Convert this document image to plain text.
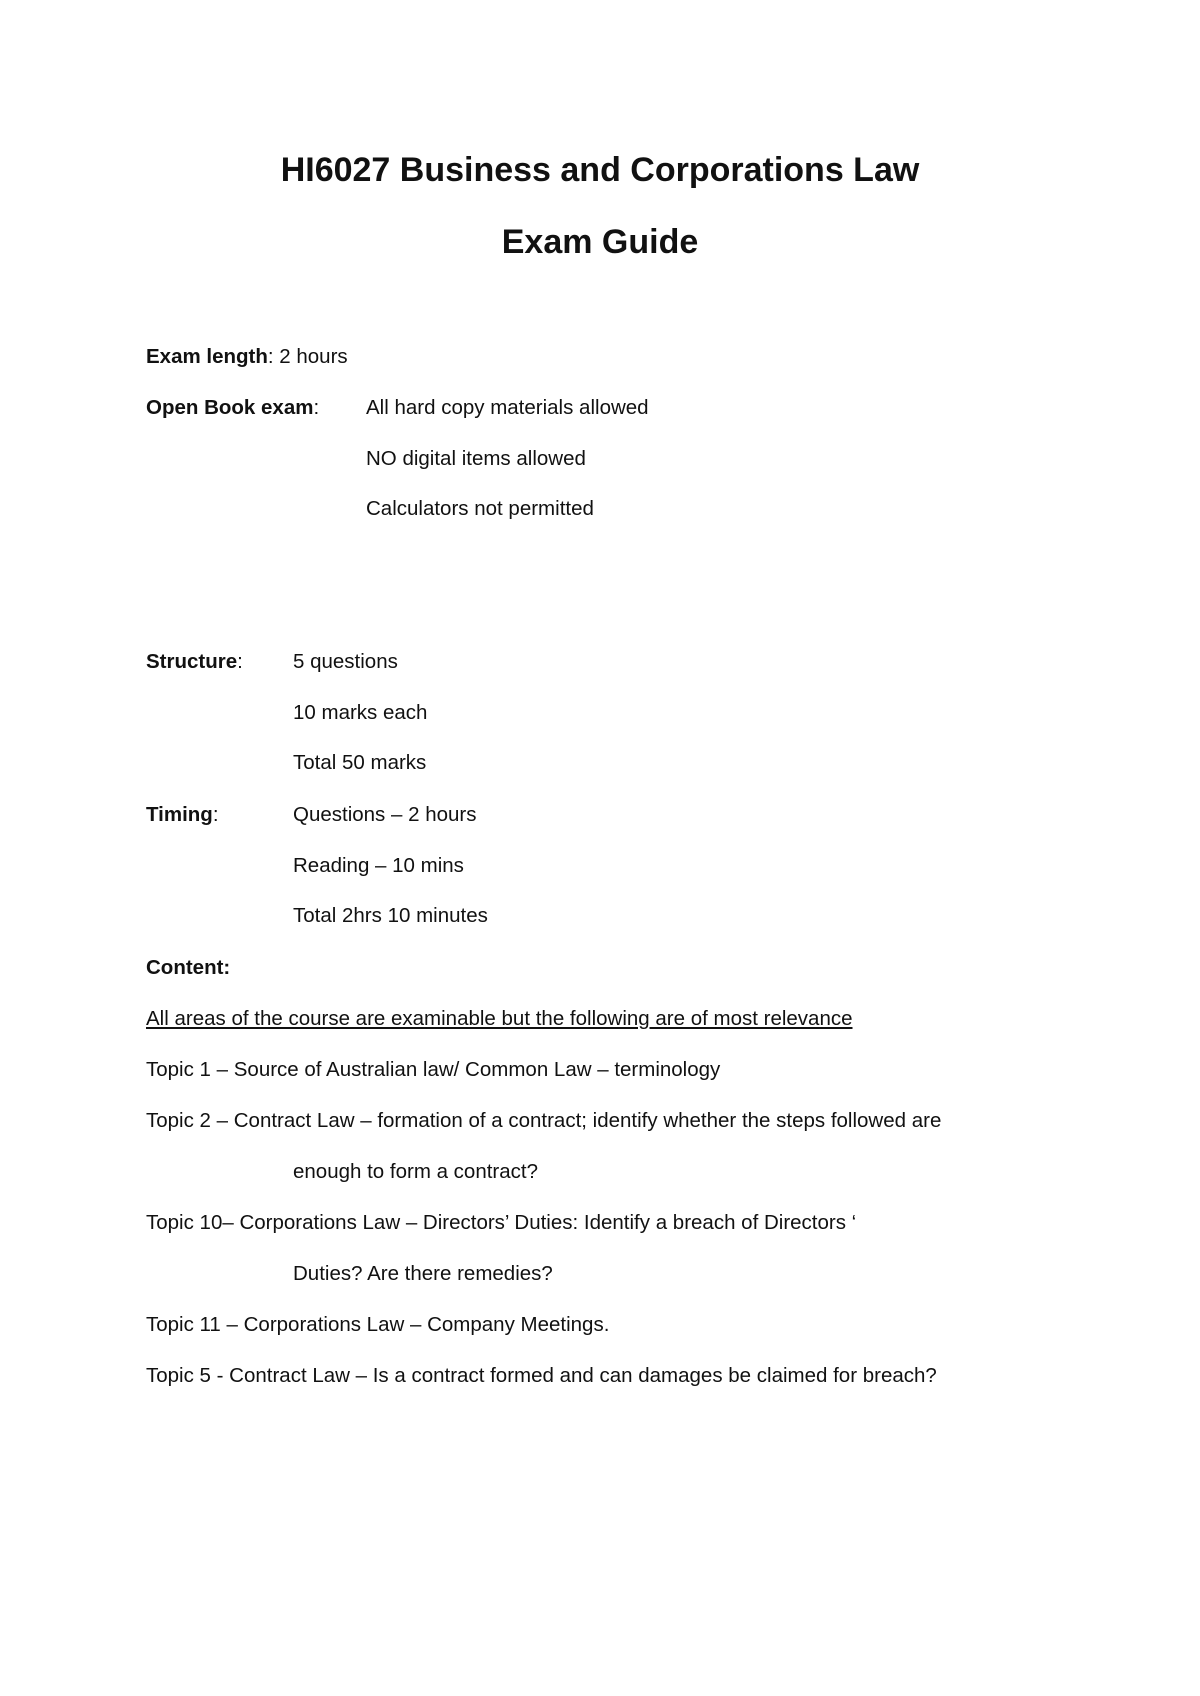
HI6027 Business and Corporations Law
Exam Guide

Exam length: 2 hours

Open Book exam: All hard copy materials allowed

NO digital items allowed

Calculators not permitted

Structure: 5 questions

10 marks each

Total 50 marks

Timing:	Questions – 2 hours

Reading – 10 mins

Total 2hrs 10 minutes

Content:

All areas of the course are examinable but the following are of most relevance

Topic 1 – Source of Australian law/ Common Law – terminology

Topic 2 – Contract Law – formation of a contract; identify whether the steps followed are

enough to form a contract?

Topic 10– Corporations Law – Directors’ Duties: Identify a breach of Directors ‘

Duties? Are there remedies?

Topic 11 – Corporations Law – Company Meetings.

Topic 5 - Contract Law – Is a contract formed and can damages be claimed for breach?
